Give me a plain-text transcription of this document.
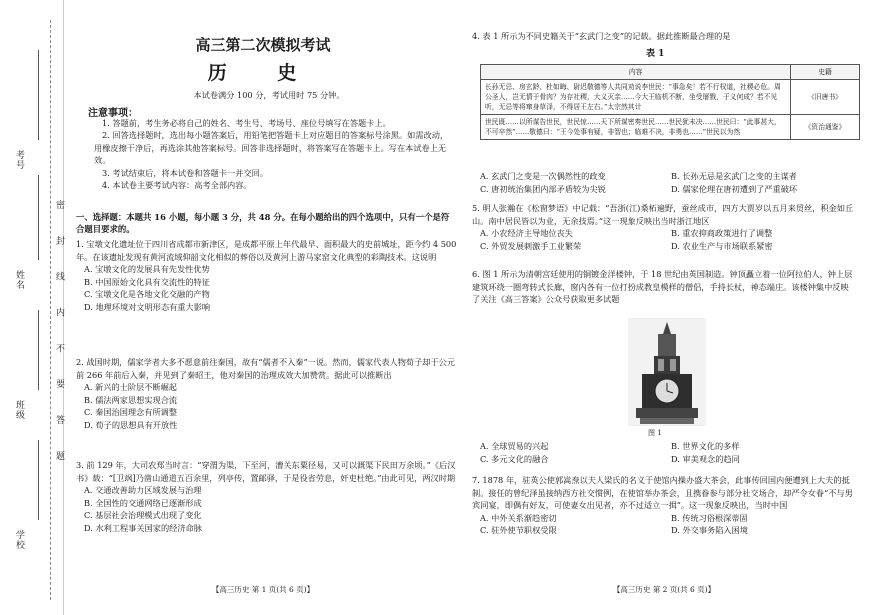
考号
姓名
班级
学校
密 封 线 内 不 要 答 题
高三第二次模拟考试
历 史
本试卷满分 100 分，考试用时 75 分钟。
注意事项：

1. 答题前，考生务必将自己的姓名、考生号、考场号、座位号填写在答题卡上。

2. 回答选择题时，选出每小题答案后，用铅笔把答题卡上对应题目的答案标号涂黑。如需改动，用橡皮擦干净后，再选涂其他答案标号。回答非选择题时，将答案写在答题卡上。写在本试卷上无效。

3. 考试结束后，将本试卷和答题卡一并交回。

4. 本试卷主要考试内容：高考全部内容。

一、选择题：本题共 16 小题，每小题 3 分，共 48 分。在每小题给出的四个选项中，只有一个是符合题目要求的。

1. 宝墩文化遗址位于四川省成都市新津区，是成都平原上年代最早、面积最大的史前城址，距今约 4 500 年。在该遗址发现有黄河流域仰韶文化相似的葬俗以及黄河上游马家窑文化典型的彩陶技术。这说明

A. 宝墩文化的发展具有先发性优势

B. 中国原始文化具有交流性的特征

C. 宝墩文化是各地文化交融的产物

D. 地理环境对文明形态有重大影响

2. 战国时期，儒家学者大多不愿意前往秦国，故有“儒者不入秦”一说。然而，儒家代表人物荀子却于公元前 266 年前后入秦，并见到了秦昭王，他对秦国的治理成效大加赞赏。据此可以推断出

A. 新兴的士阶层不断崛起

B. 儒法两家思想实现合流

C. 秦国治国理念有所调整

D. 荀子的思想具有开放性

3. 前 129 年，大司农郑当时言：“穿渭为渠，下至河，漕关东粟径易，又可以溉渠下民田万余顷。”《后汉书》载：“[卫飒]乃凿山通道五百余里，列亭传，置邮驿，于是役省劳息，奸吏杜绝。”由此可见，两汉时期

A. 交通改善助力区域发展与治理

B. 全国性的交通网络已逐渐形成

C. 基层社会治理模式出现了变化

D. 水利工程事关国家的经济命脉

【高三历史 第 1 页(共 6 页)】

4. 表 1 所示为不同史籍关于“玄武门之变”的记载。据此推断最合理的是

表 1
内容	史籍
长孙无忌、房玄龄、杜如晦、尉迟敬德等人共同劝说李世民：“事急矣！若不行权道，社稷必危。周公圣人，岂无情于骨肉？为存社稷，大义灭亲……今大王临机不断，坐受屠戮，于义何成？若不见听，无忌等将窜身草泽，不得居王左右。”太宗然其计	《旧唐书》
世民既……以所谋告世民，世民惊……天下所谋密奏世民……世民犹未决……世民曰：“此事甚大，不可卒然”……敬德曰：“王今处事有疑，非智也；临难不决，非勇也……”世民以为然	《资治通鉴》
A. 玄武门之变是一次偶然性的政变	B. 长孙无忌是玄武门之变的主谋者
C. 唐初统治集团内部矛盾较为尖锐	D. 儒家伦理在唐初遭到了严重破坏

5. 明人张瀚在《松窗梦语》中记载：“吾浙(江)桑柘遍野，蚕丝成市，四方大贾岁以五月来贸丝，积金如丘山。南中居民皆以为业，无余技焉。”这一现象反映出当时浙江地区

A. 小农经济主导地位丧失	B. 重农抑商政策进行了调整
C. 外贸发展刺激手工业繁荣	D. 农业生产与市场联系紧密

6. 图 1 所示为清朝宫廷使用的铜镀金洋楼钟，于 18 世纪由英国制造。钟顶矗立着一位阿拉伯人，钟上层建筑环绕一圈弯转式长廊，窗内各有一位打扮成教皇模样的僧侣，手持长杖，神态端庄。该楼钟集中反映了关注《高三答案》公众号获取更多试题

图 1
A. 全球贸易的兴起	B. 世界文化的多样
C. 多元文化的融合	D. 审美观念的趋同

7. 1878 年，驻英公使郭嵩焘以夫人梁氏的名义于使馆内操办盛大茶会，此事传回国内便遭到上大夫的抵制。接任的曾纪泽虽接纳西方社交惯例，在使馆举办茶会，且携眷参与部分社交场合，却严令女眷“不与男宾同宴，即偶有好友，可使妻女出见者，亦不过适立一揖”。这一现象反映出，当时中国

A. 中外关系渐趋密切	B. 传统习俗根深蒂固
C. 驻外使节职权受限	D. 外交事务陷入困境
【高三历史 第 2 页(共 6 页)】
